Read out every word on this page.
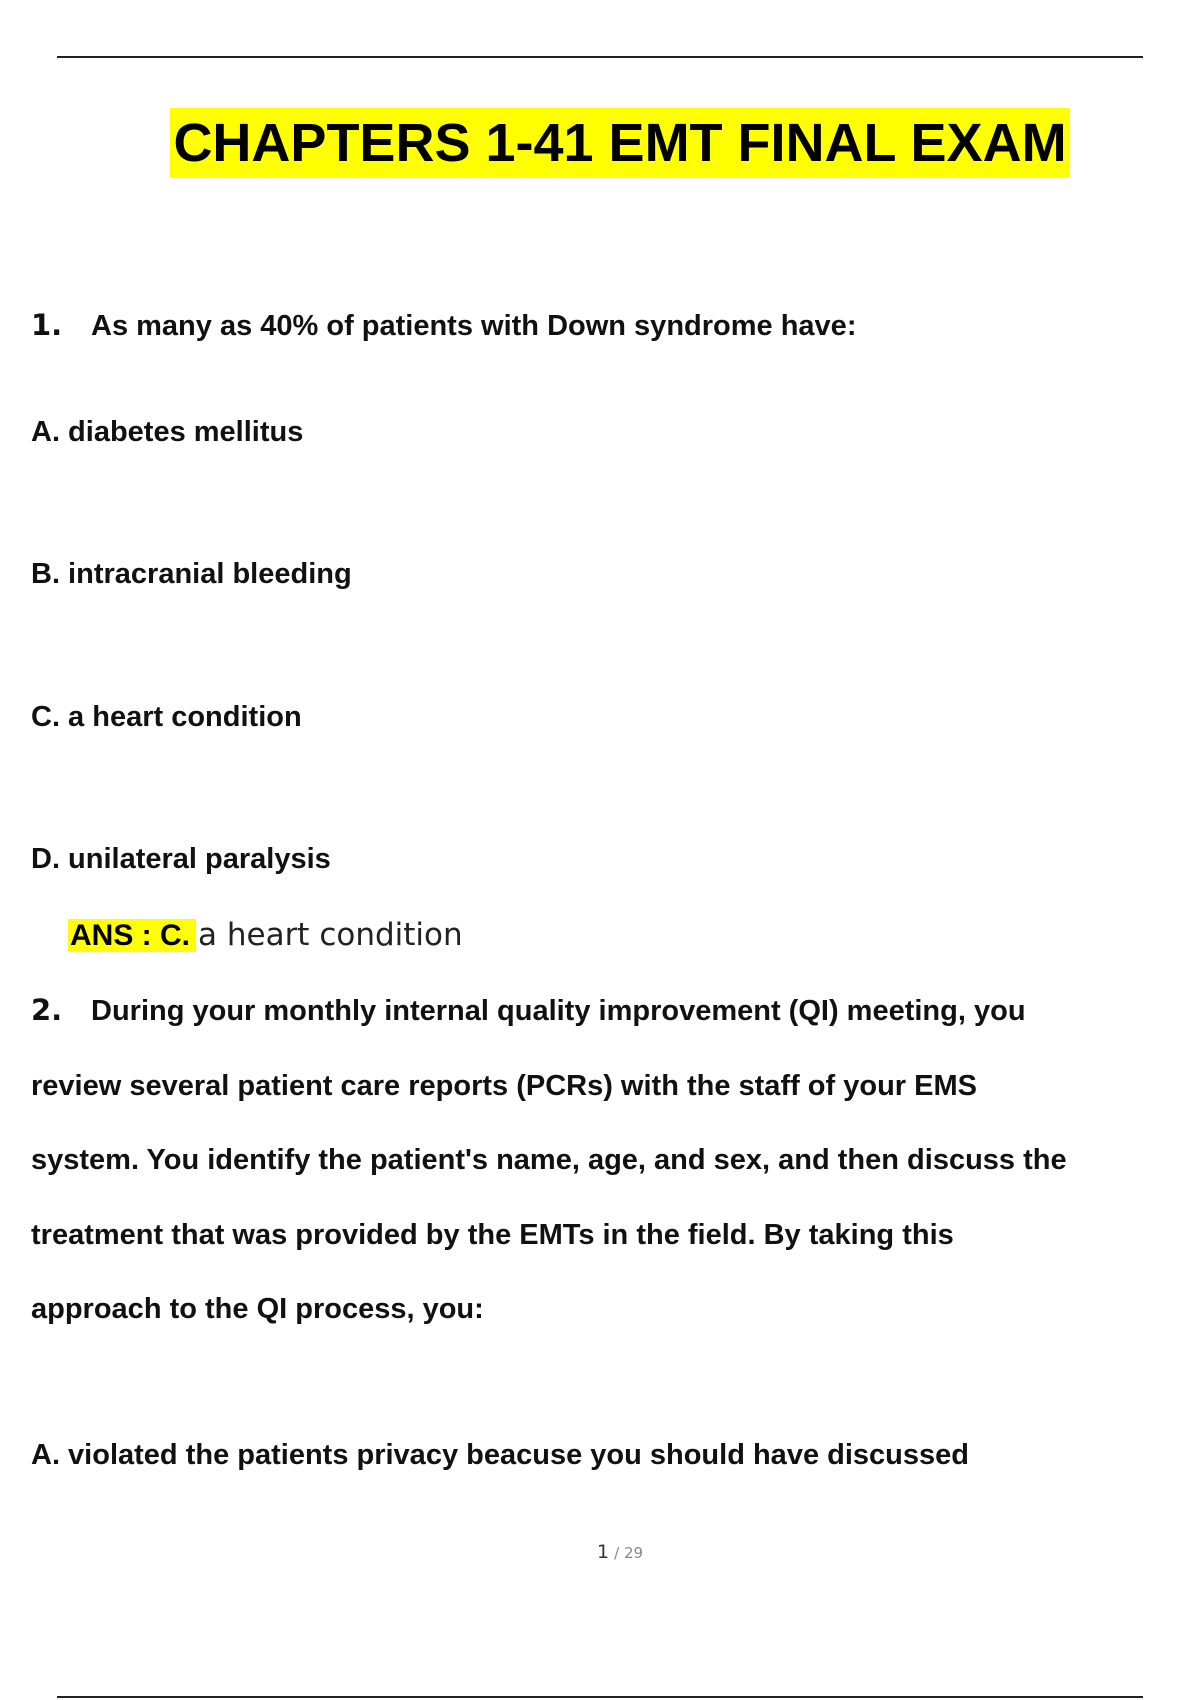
CHAPTERS 1-41 EMT FINAL EXAM
1. As many as 40% of patients with Down syndrome have:
A. diabetes mellitus
B. intracranial bleeding
C. a heart condition
D. unilateral paralysis
ANS : C. a heart condition
2. During your monthly internal quality improvement (QI) meeting, you
review several patient care reports (PCRs) with the staff of your EMS
system. You identify the patient's name, age, and sex, and then discuss the
treatment that was provided by the EMTs in the field. By taking this
approach to the QI process, you:
A. violated the patients privacy beacuse you should have discussed
1 / 29
